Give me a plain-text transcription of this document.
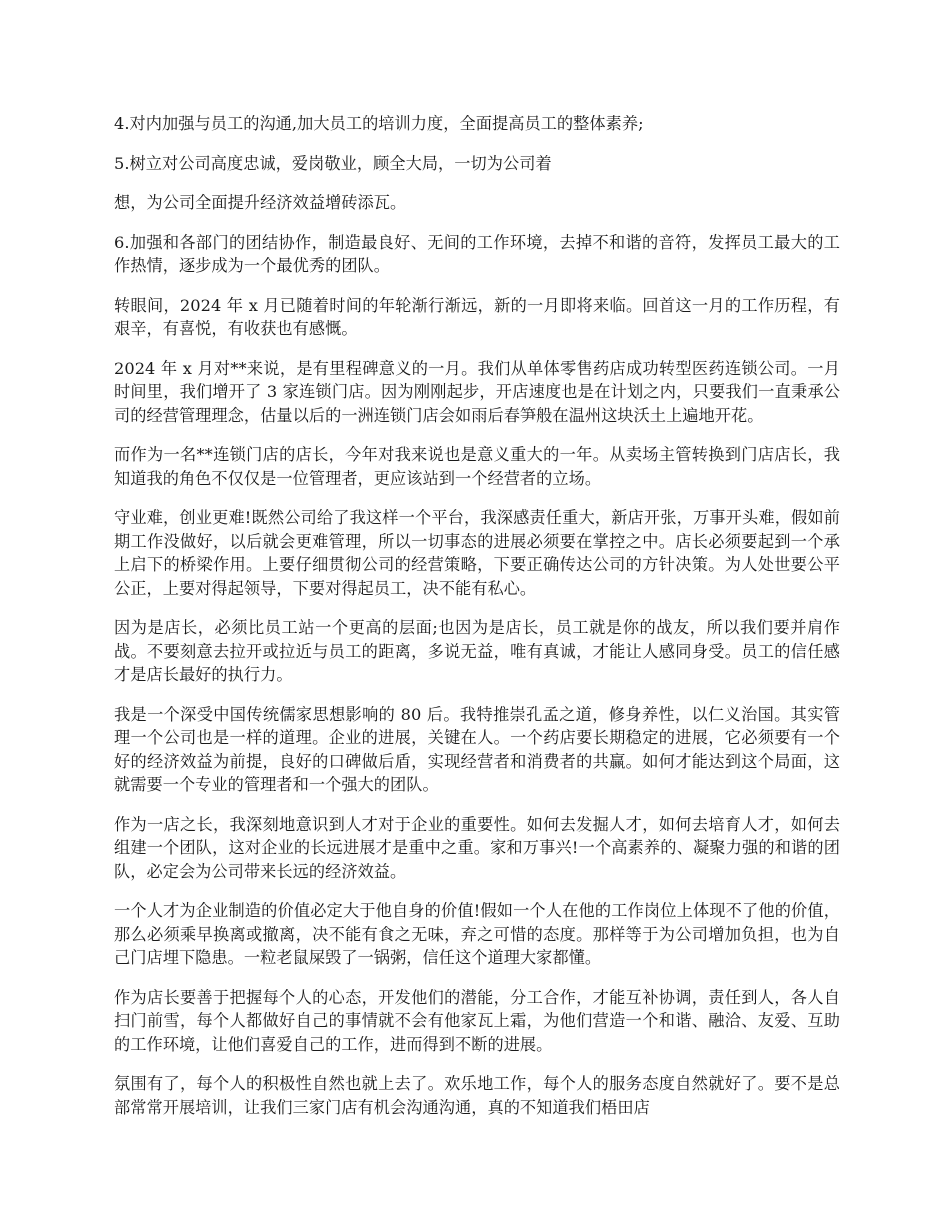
4.对内加强与员工的沟通,加大员工的培训力度，全面提高员工的整体素养;

5.树立对公司高度忠诚，爱岗敬业，顾全大局，一切为公司着

想，为公司全面提升经济效益增砖添瓦。

6.加强和各部门的团结协作，制造最良好、无间的工作环境，去掉不和谐的音符，发挥员工最大的工作热情，逐步成为一个最优秀的团队。

转眼间，2024 年 x 月已随着时间的年轮渐行渐远，新的一月即将来临。回首这一月的工作历程，有艰辛，有喜悦，有收获也有感慨。

2024 年 x 月对**来说，是有里程碑意义的一月。我们从单体零售药店成功转型医药连锁公司。一月时间里，我们增开了 3 家连锁门店。因为刚刚起步，开店速度也是在计划之内，只要我们一直秉承公司的经营管理理念，估量以后的一洲连锁门店会如雨后春笋般在温州这块沃土上遍地开花。

而作为一名**连锁门店的店长，今年对我来说也是意义重大的一年。从卖场主管转换到门店店长，我知道我的角色不仅仅是一位管理者，更应该站到一个经营者的立场。

守业难，创业更难!既然公司给了我这样一个平台，我深感责任重大，新店开张，万事开头难，假如前期工作没做好，以后就会更难管理，所以一切事态的进展必须要在掌控之中。店长必须要起到一个承上启下的桥梁作用。上要仔细贯彻公司的经营策略，下要正确传达公司的方针决策。为人处世要公平公正，上要对得起领导，下要对得起员工，决不能有私心。

因为是店长，必须比员工站一个更高的层面;也因为是店长，员工就是你的战友，所以我们要并肩作战。不要刻意去拉开或拉近与员工的距离，多说无益，唯有真诚，才能让人感同身受。员工的信任感才是店长最好的执行力。

我是一个深受中国传统儒家思想影响的 80 后。我特推崇孔孟之道，修身养性，以仁义治国。其实管理一个公司也是一样的道理。企业的进展，关键在人。一个药店要长期稳定的进展，它必须要有一个好的经济效益为前提，良好的口碑做后盾，实现经营者和消费者的共赢。如何才能达到这个局面，这就需要一个专业的管理者和一个强大的团队。

作为一店之长，我深刻地意识到人才对于企业的重要性。如何去发掘人才，如何去培育人才，如何去组建一个团队，这对企业的长远进展才是重中之重。家和万事兴!一个高素养的、凝聚力强的和谐的团队，必定会为公司带来长远的经济效益。

一个人才为企业制造的价值必定大于他自身的价值!假如一个人在他的工作岗位上体现不了他的价值，那么必须乘早换离或撤离，决不能有食之无味，弃之可惜的态度。那样等于为公司增加负担，也为自己门店埋下隐患。一粒老鼠屎毁了一锅粥，信任这个道理大家都懂。

作为店长要善于把握每个人的心态，开发他们的潜能，分工合作，才能互补协调，责任到人，各人自扫门前雪，每个人都做好自己的事情就不会有他家瓦上霜，为他们营造一个和谐、融洽、友爱、互助的工作环境，让他们喜爱自己的工作，进而得到不断的进展。

氛围有了，每个人的积极性自然也就上去了。欢乐地工作，每个人的服务态度自然就好了。要不是总部常常开展培训，让我们三家门店有机会沟通沟通，真的不知道我们梧田店
